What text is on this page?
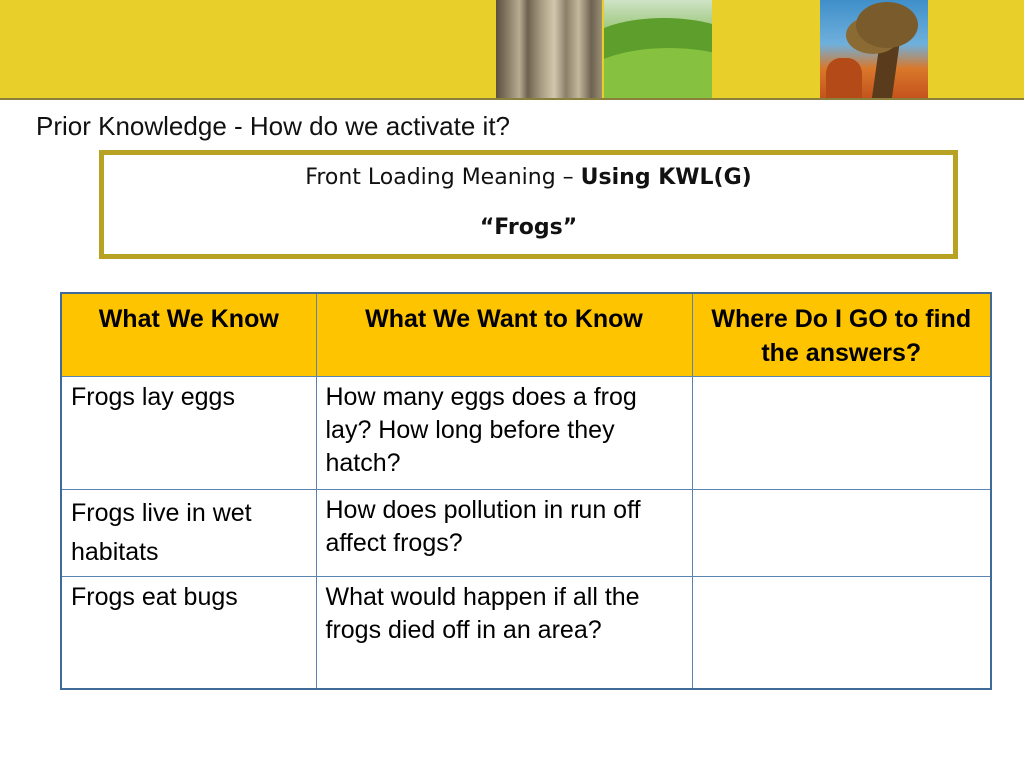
Prior Knowledge - How do we activate it?
Front Loading Meaning – Using KWL(G)
“Frogs”
What We Know	What We Want to Know	Where Do I GO to find the answers?
Frogs lay eggs	How many eggs does a frog lay? How long before they hatch?	
Frogs live in wet habitats	How does pollution in run off affect frogs?	
Frogs eat bugs	What would happen if all the frogs died off in an area?	
